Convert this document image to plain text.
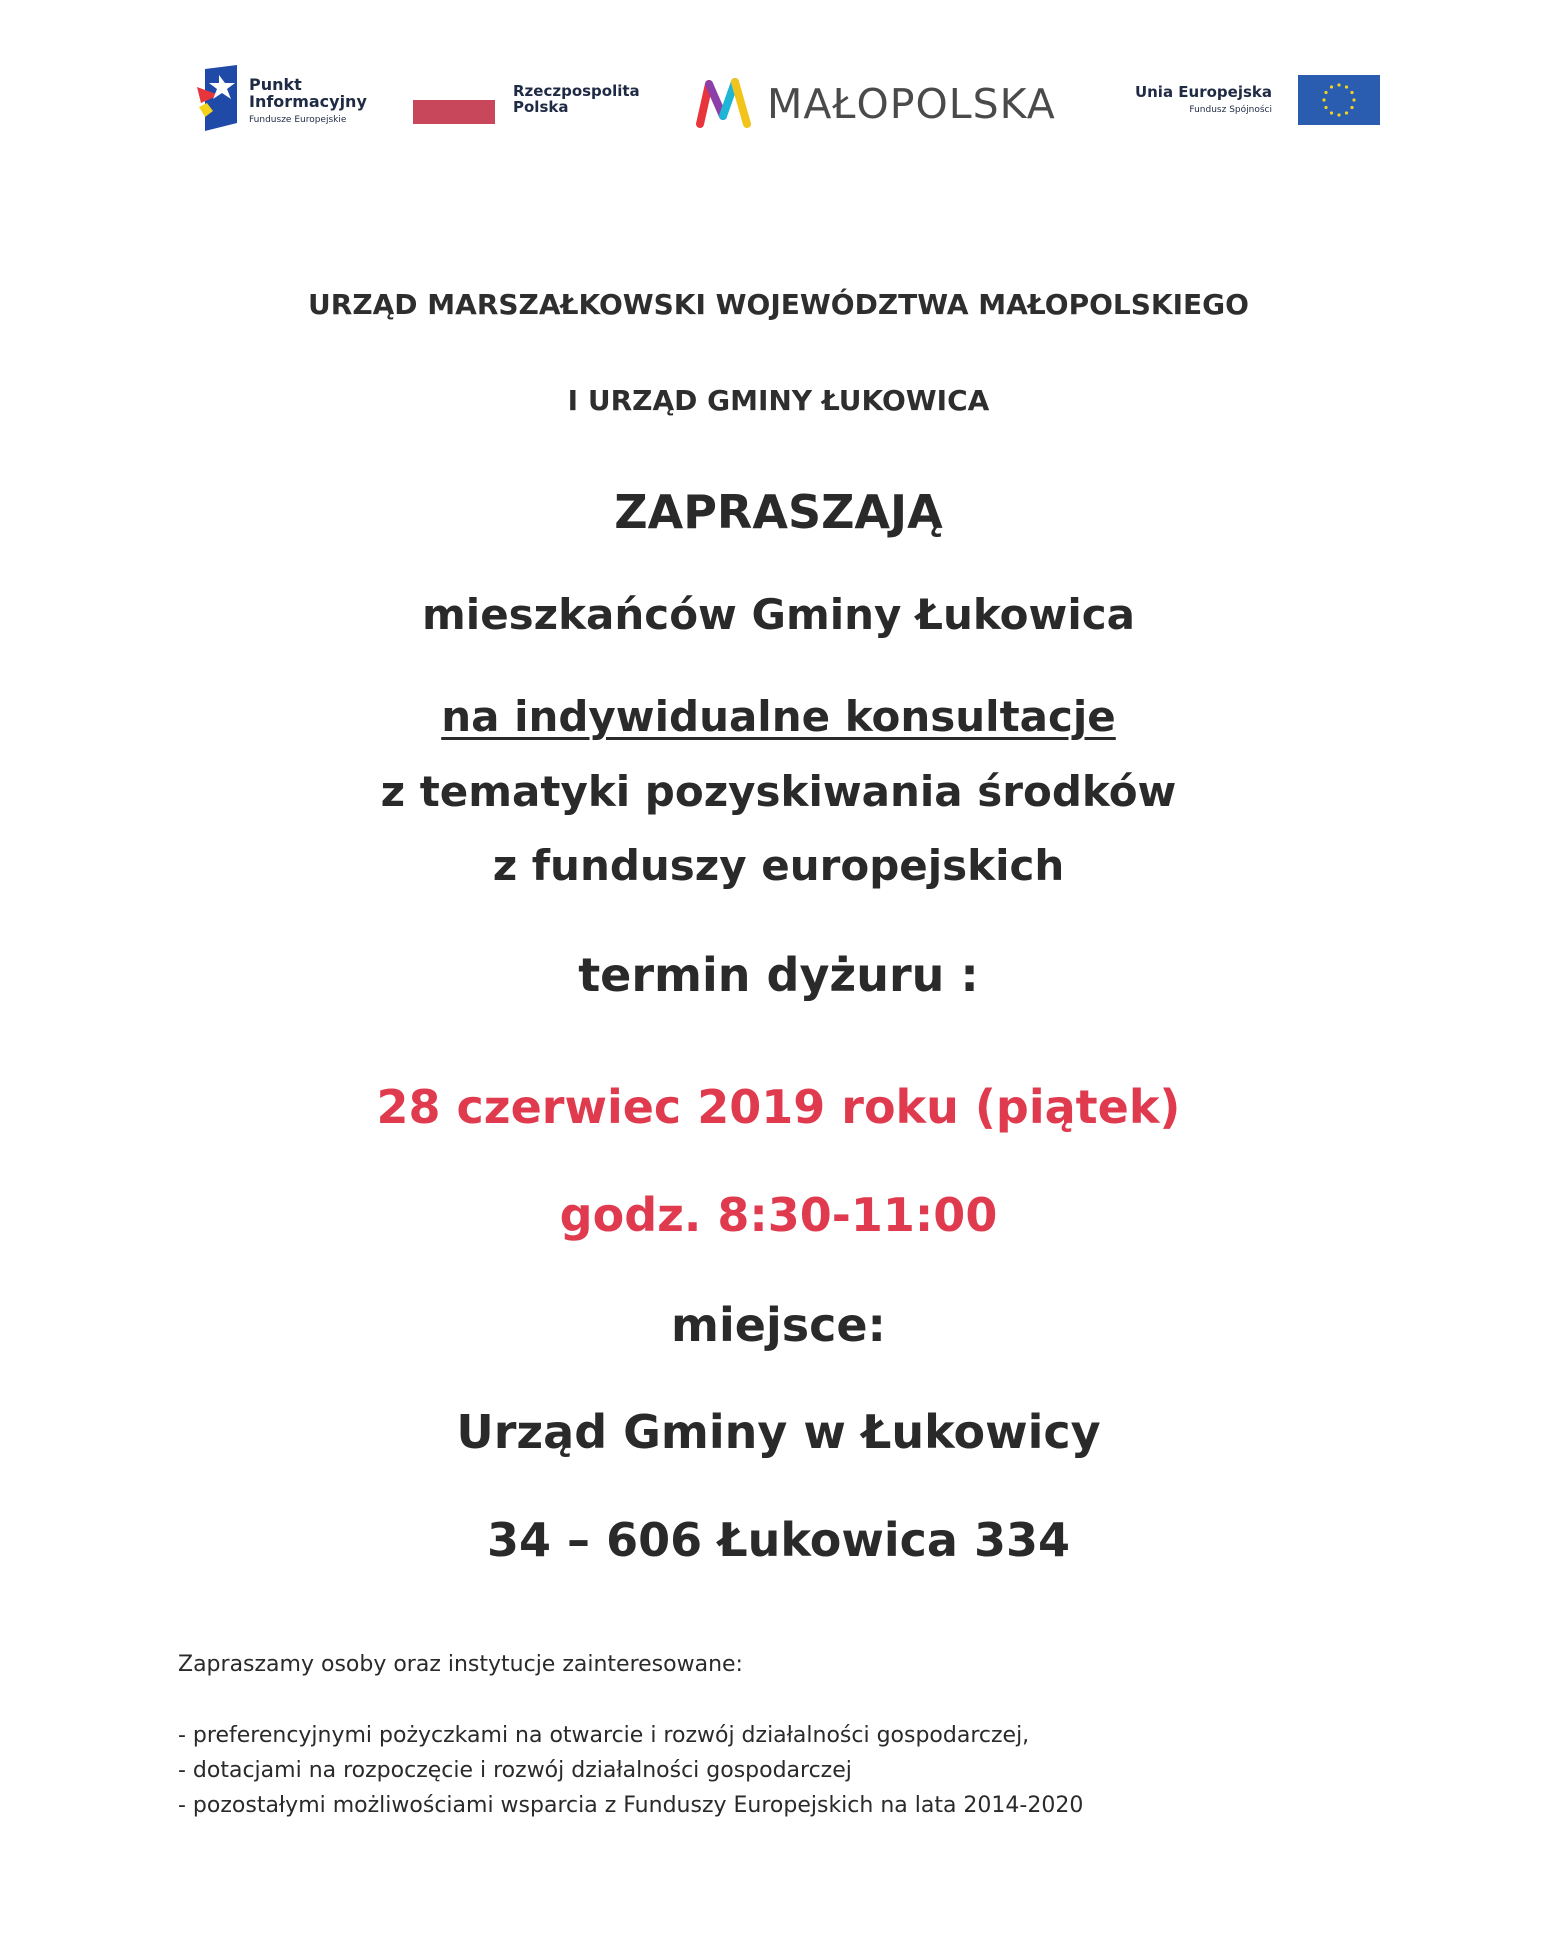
Punkt
Informacyjny
Fundusze Europejskie
Rzeczpospolita
Polska	MAŁOPOLSKA	Unia Europejska
Fundusz Spójności
URZĄD MARSZAŁKOWSKI WOJEWÓDZTWA MAŁOPOLSKIEGO
I URZĄD GMINY ŁUKOWICA
ZAPRASZAJĄ
mieszkańców Gminy Łukowica
na indywidualne konsultacje
z tematyki pozyskiwania środków
z funduszy europejskich
termin dyżuru :
28 czerwiec 2019 roku (piątek)
godz. 8:30-11:00
miejsce:
Urząd Gminy w Łukowicy
34 – 606 Łukowica 334

Zapraszamy osoby oraz instytucje zainteresowane:

- preferencyjnymi pożyczkami na otwarcie i rozwój działalności gospodarczej,
- dotacjami na rozpoczęcie i rozwój działalności gospodarczej
- pozostałymi możliwościami wsparcia z Funduszy Europejskich na lata 2014-2020
